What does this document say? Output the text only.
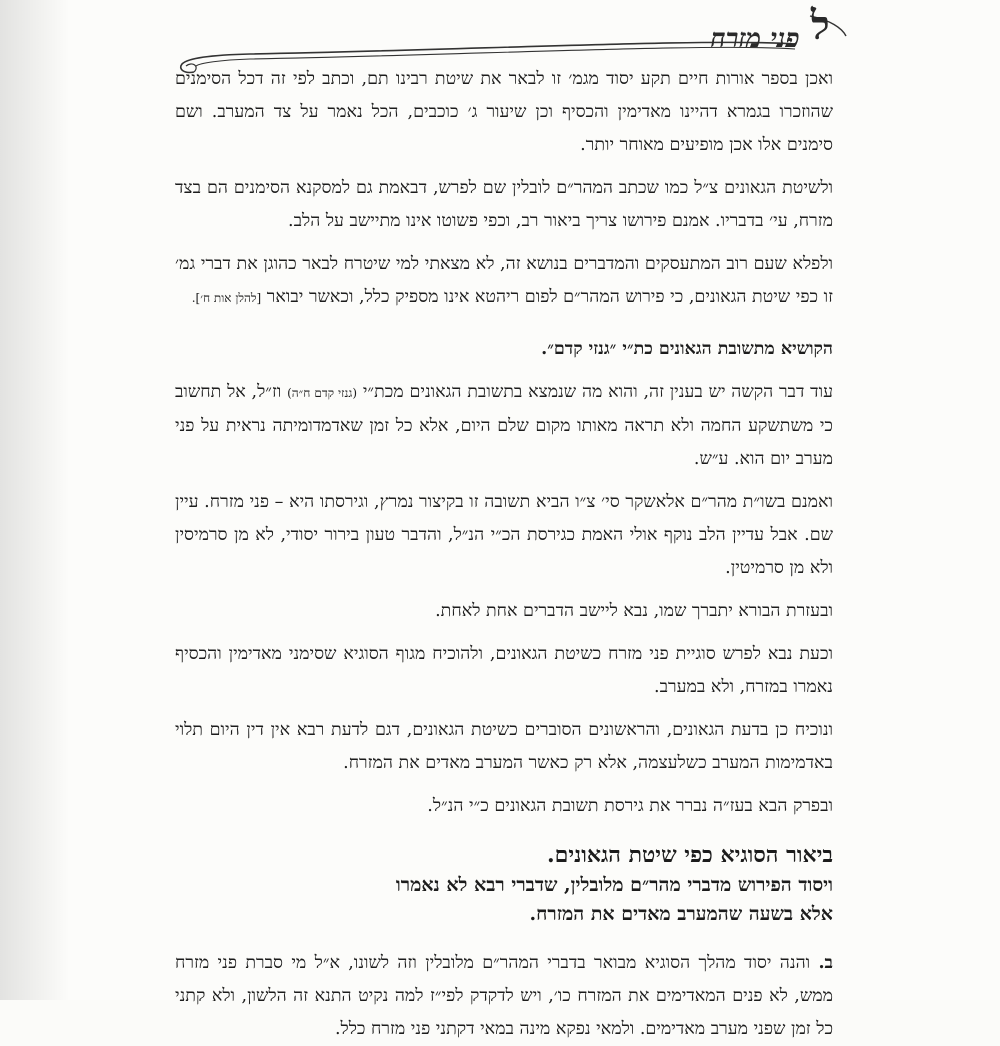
ל
פני מזרח

ואכן בספר אורות חיים תקע יסוד מגמ׳ זו לבאר את שיטת רבינו תם, וכתב לפי זה דכל הסימנים שהוזכרו בגמרא דהיינו מאדימין והכסיף וכן שיעור ג׳ כוכבים, הכל נאמר על צד המערב. ושם סימנים אלו אכן מופיעים מאוחר יותר.

ולשיטת הגאונים צ״ל כמו שכתב המהר״ם לובלין שם לפרש, דבאמת גם למסקנא הסימנים הם בצד מזרח, עי׳ בדבריו. אמנם פירושו צריך ביאור רב, וכפי פשוטו אינו מתיישב על הלב.

ולפלא שעם רוב המתעסקים והמדברים בנושא זה, לא מצאתי למי שיטרח לבאר כהוגן את דברי גמ׳ זו כפי שיטת הגאונים, כי פירוש המהר״ם לפום ריהטא אינו מספיק כלל, וכאשר יבואר [להלן אות ח׳].

הקושיא מתשובת הגאונים כת״י ״גנזי קדם״.

עוד דבר הקשה יש בענין זה, והוא מה שנמצא בתשובת הגאונים מכת״י (גנזי קדם ח״ה) וז״ל, אל תחשוב כי משתשקע החמה ולא תראה מאותו מקום שלם היום, אלא כל זמן שאדמדומיתה נראית על פני מערב יום הוא. ע״ש.

ואמנם בשו״ת מהר״ם אלאשקר סי׳ צ״ו הביא תשובה זו בקיצור נמרץ, וגירסתו היא – פני מזרח. עיין שם. אבל עדיין הלב נוקף אולי האמת כגירסת הכ״י הנ״ל, והדבר טעון בירור יסודי, לא מן סרמיסין ולא מן סרמיטין.

ובעזרת הבורא יתברך שמו, נבא ליישב הדברים אחת לאחת.

וכעת נבא לפרש סוגיית פני מזרח כשיטת הגאונים, ולהוכיח מגוף הסוגיא שסימני מאדימין והכסיף נאמרו במזרח, ולא במערב.

ונוכיח כן בדעת הגאונים, והראשונים הסוברים כשיטת הגאונים, דגם לדעת רבא אין דין היום תלוי באדמימות המערב כשלעצמה, אלא רק כאשר המערב מאדים את המזרח.

ובפרק הבא בעז״ה נברר את גירסת תשובת הגאונים כ״י הנ״ל.

ביאור הסוגיא כפי שיטת הגאונים.
ויסוד הפירוש מדברי מהר״ם מלובלין, שדברי רבא לא נאמרו
אלא בשעה שהמערב מאדים את המזרח.

ב. והנה יסוד מהלך הסוגיא מבואר בדברי המהר״ם מלובלין וזה לשונו, א״ל מי סברת פני מזרח ממש, לא פנים המאדימים את המזרח כו׳, ויש לדקדק לפי״ז למה נקיט התנא זה הלשון, ולא קתני כל זמן שפני מערב מאדימים. ולמאי נפקא מינה במאי דקתני פני מזרח כלל.
